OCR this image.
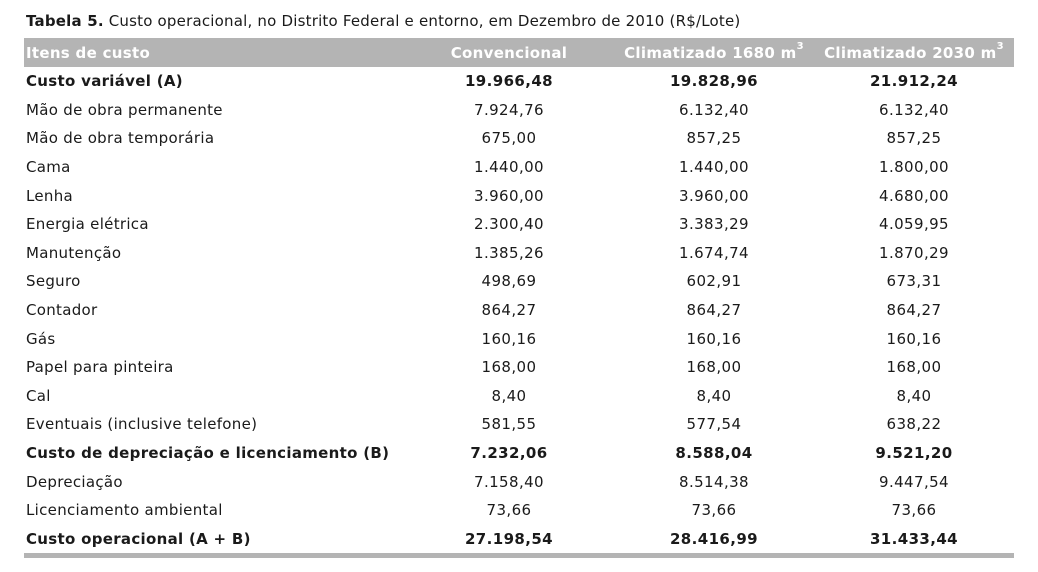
Tabela 5. Custo operacional, no Distrito Federal e entorno, em Dezembro de 2010 (R$/Lote)
Itens de custo	Convencional	Climatizado 1680 $m^3$	Climatizado 2030 $m^3$
Custo variável (A)	19.966,48	19.828,96	21.912,24
Mão de obra permanente	7.924,76	6.132,40	6.132,40
Mão de obra temporária	675,00	857,25	857,25
Cama	1.440,00	1.440,00	1.800,00
Lenha	3.960,00	3.960,00	4.680,00
Energia elétrica	2.300,40	3.383,29	4.059,95
Manutenção	1.385,26	1.674,74	1.870,29
Seguro	498,69	602,91	673,31
Contador	864,27	864,27	864,27
Gás	160,16	160,16	160,16
Papel para pinteira	168,00	168,00	168,00
Cal	8,40	8,40	8,40
Eventuais (inclusive telefone)	581,55	577,54	638,22
Custo de depreciação e licenciamento (B)	7.232,06	8.588,04	9.521,20
Depreciação	7.158,40	8.514,38	9.447,54
Licenciamento ambiental	73,66	73,66	73,66
Custo operacional (A + B)	27.198,54	28.416,99	31.433,44
